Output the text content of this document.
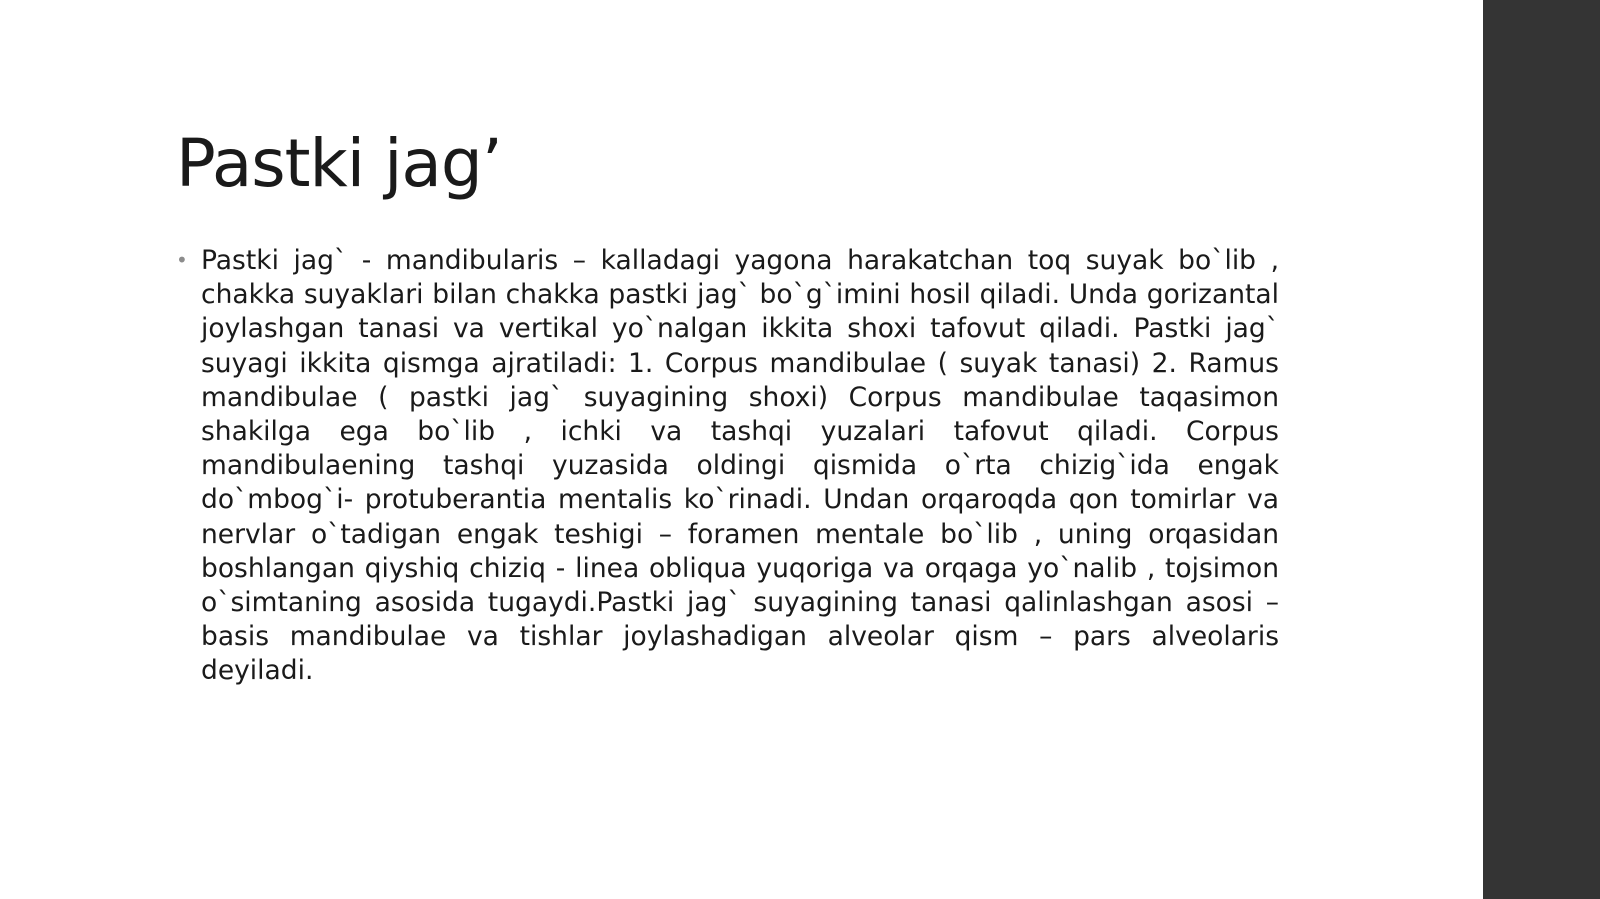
Pastki jag’
• Pastki jag` - mandibularis – kalladagi yagona harakatchan toq suyak bo`lib , chakka suyaklari bilan chakka pastki jag` bo`g`imini hosil qiladi. Unda gorizantal joylashgan tanasi va vertikal yo`nalgan ikkita shoxi tafovut qiladi. Pastki jag` suyagi ikkita qismga ajratiladi: 1. Corpus mandibulae ( suyak tanasi) 2. Ramus mandibulae ( pastki jag` suyagining shoxi) Corpus mandibulae taqasimon shakilga ega bo`lib , ichki va tashqi yuzalari tafovut qiladi. Corpus mandibulaening tashqi yuzasida oldingi qismida o`rta chizig`ida engak do`mbog`i- protuberantia mentalis ko`rinadi. Undan orqaroqda qon tomirlar va nervlar o`tadigan engak teshigi – foramen mentale bo`lib , uning orqasidan boshlangan qiyshiq chiziq - linea obliqua yuqoriga va orqaga yo`nalib , tojsimon o`simtaning asosida tugaydi.Pastki jag` suyagining tanasi qalinlashgan asosi – basis mandibulae va tishlar joylashadigan alveolar qism – pars alveolaris deyiladi.
